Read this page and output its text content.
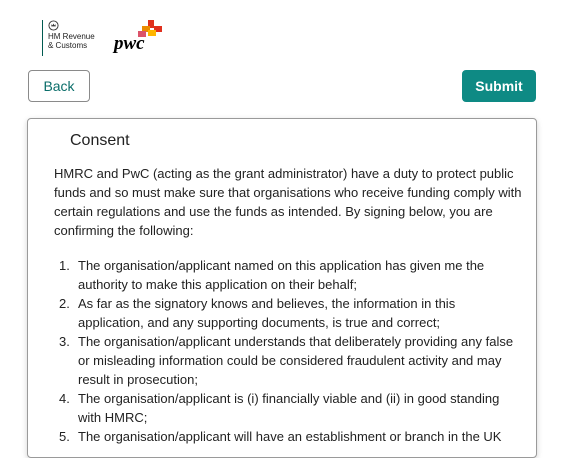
HM Revenue
& Customs	pwc
Back	Submit
Consent
HMRC and PwC (acting as the grant administrator) have a duty to protect public funds and so must make sure that organisations who receive funding comply with certain regulations and use the funds as intended. By signing below, you are confirming the following:
1. The organisation/applicant named on this application has given me the authority to make this application on their behalf;
2. As far as the signatory knows and believes, the information in this application, and any supporting documents, is true and correct;
3. The organisation/applicant understands that deliberately providing any false or misleading information could be considered fraudulent activity and may result in prosecution;
4. The organisation/applicant is (i) financially viable and (ii) in good standing with HMRC;
5. The organisation/applicant will have an establishment or branch in the UK
